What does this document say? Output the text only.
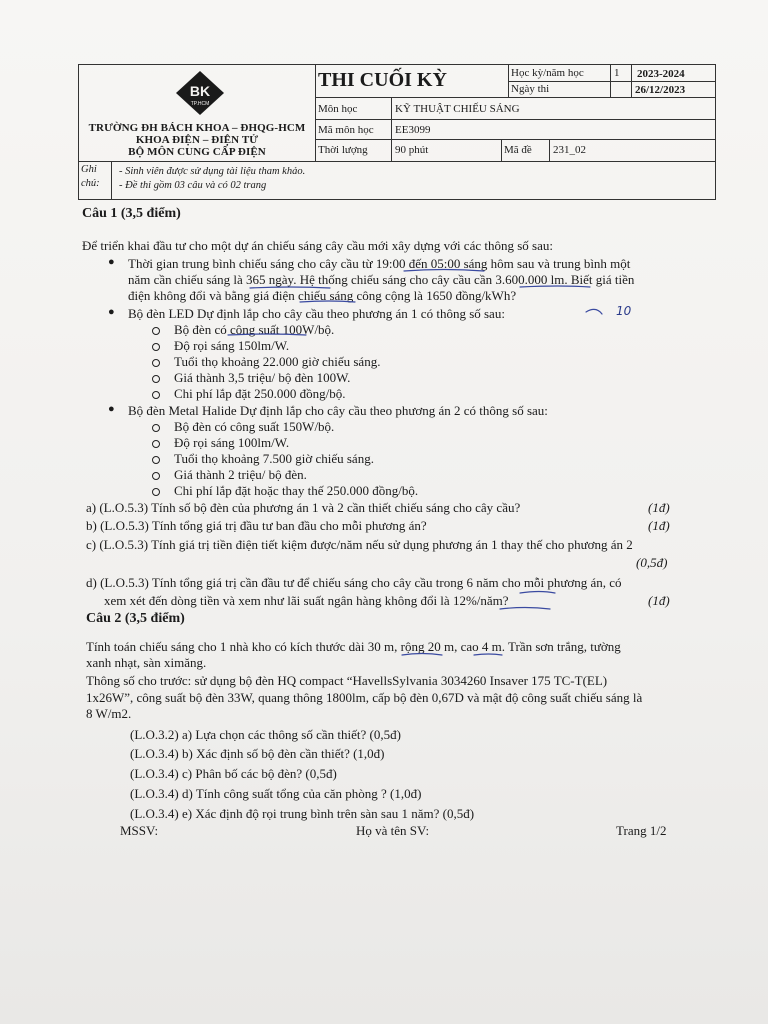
BK
TP.HCM
TRƯỜNG ĐH BÁCH KHOA – ĐHQG-HCM
KHOA ĐIỆN – ĐIỆN TỬ
BỘ MÔN CUNG CẤP ĐIỆN
THI CUỐI KỲ	Học kỳ/năm học	1 2023-2024
Ngày thi	26/12/2023
Môn học	KỸ THUẬT CHIẾU SÁNG
Mã môn học EE3099
Thời lượng 90 phút	Mã đề 231_02
Ghi
chú:
- Sinh viên được sử dụng tài liệu tham khảo.
- Đề thi gồm 03 câu và có 02 trang
Câu 1 (3,5 điểm)
Để triển khai đầu tư cho một dự án chiếu sáng cây cầu mới xây dựng với các thông số sau:
● Thời gian trung bình chiếu sáng cho cây cầu từ 19:00 đến 05:00 sáng hôm sau và trung bình một
năm cần chiếu sáng là 365 ngày. Hệ thống chiếu sáng cho cây cầu cần 3.600.000 lm. Biết giá tiền
điện không đổi và bằng giá điện chiếu sáng công cộng là 1650 đồng/kWh?
● Bộ đèn LED Dự định lắp cho cây cầu theo phương án 1 có thông số sau:	10
Bộ đèn có công suất 100W/bộ.
Độ rọi sáng 150lm/W.
Tuổi thọ khoảng 22.000 giờ chiếu sáng.
Giá thành 3,5 triệu/ bộ đèn 100W.
Chi phí lắp đặt 250.000 đồng/bộ.
● Bộ đèn Metal Halide Dự định lắp cho cây cầu theo phương án 2 có thông số sau:
Bộ đèn có công suất 150W/bộ.
Độ rọi sáng 100lm/W.
Tuổi thọ khoảng 7.500 giờ chiếu sáng.
Giá thành 2 triệu/ bộ đèn.
Chi phí lắp đặt hoặc thay thế 250.000 đồng/bộ.
a) (L.O.5.3) Tính số bộ đèn của phương án 1 và 2 cần thiết chiếu sáng cho cây cầu?	(1đ)
b) (L.O.5.3) Tính tổng giá trị đầu tư ban đầu cho mỗi phương án?	(1đ)
c) (L.O.5.3) Tính giá trị tiền điện tiết kiệm được/năm nếu sử dụng phương án 1 thay thế cho phương án 2
(0,5đ)
d) (L.O.5.3) Tính tổng giá trị cần đầu tư để chiếu sáng cho cây cầu trong 6 năm cho mỗi phương án, có
xem xét đến dòng tiền và xem như lãi suất ngân hàng không đổi là 12%/năm?	(1đ)
Câu 2 (3,5 điểm)
Tính toán chiếu sáng cho 1 nhà kho có kích thước dài 30 m, rộng 20 m, cao 4 m. Trần sơn trắng, tường
xanh nhạt, sàn ximăng.
Thông số cho trước: sử dụng bộ đèn HQ compact “HavellsSylvania 3034260 Insaver 175 TC-T(EL)
1x26W”, công suất bộ đèn 33W, quang thông 1800lm, cấp bộ đèn 0,67D và mật độ công suất chiếu sáng là
8 W/m2.
(L.O.3.2) a) Lựa chọn các thông số cần thiết? (0,5đ)
(L.O.3.4) b) Xác định số bộ đèn cần thiết? (1,0đ)
(L.O.3.4) c) Phân bố các bộ đèn? (0,5đ)
(L.O.3.4) d) Tính công suất tổng của căn phòng ? (1,0đ)
(L.O.3.4) e) Xác định độ rọi trung bình trên sàn sau 1 năm? (0,5đ)
MSSV:	Họ và tên SV:	Trang 1/2
